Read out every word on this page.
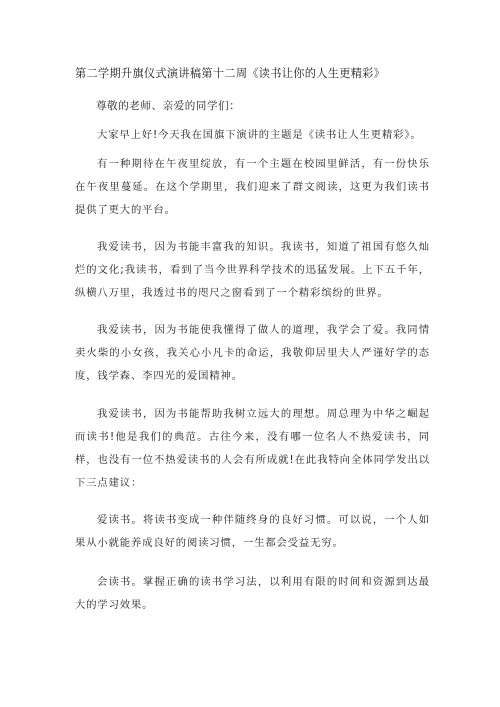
第二学期升旗仪式演讲稿第十二周《读书让你的人生更精彩》
尊敬的老师、亲爱的同学们：

大家早上好!今天我在国旗下演讲的主题是《读书让人生更精彩》。

有一种期待在午夜里绽放，有一个主题在校园里鲜活，有一份快乐在午夜里蔓延。在这个学期里，我们迎来了群文阅读，这更为我们读书提供了更大的平台。

我爱读书，因为书能丰富我的知识。我读书，知道了祖国有悠久灿烂的文化;我读书，看到了当今世界科学技术的迅猛发展。上下五千年，纵横八万里，我透过书的咫尺之窗看到了一个精彩缤纷的世界。

我爱读书，因为书能使我懂得了做人的道理，我学会了爱。我同情卖火柴的小女孩，我关心小凡卡的命运，我敬仰居里夫人严谨好学的态度，钱学森、李四光的爱国精神。

我爱读书，因为书能帮助我树立远大的理想。周总理为中华之崛起而读书!他是我们的典范。古往今来，没有哪一位名人不热爱读书，同样，也没有一位不热爱读书的人会有所成就!在此我特向全体同学发出以下三点建议：

爱读书。将读书变成一种伴随终身的良好习惯。可以说，一个人如果从小就能养成良好的阅读习惯，一生都会受益无穷。

会读书。掌握正确的读书学习法，以利用有限的时间和资源到达最大的学习效果。
